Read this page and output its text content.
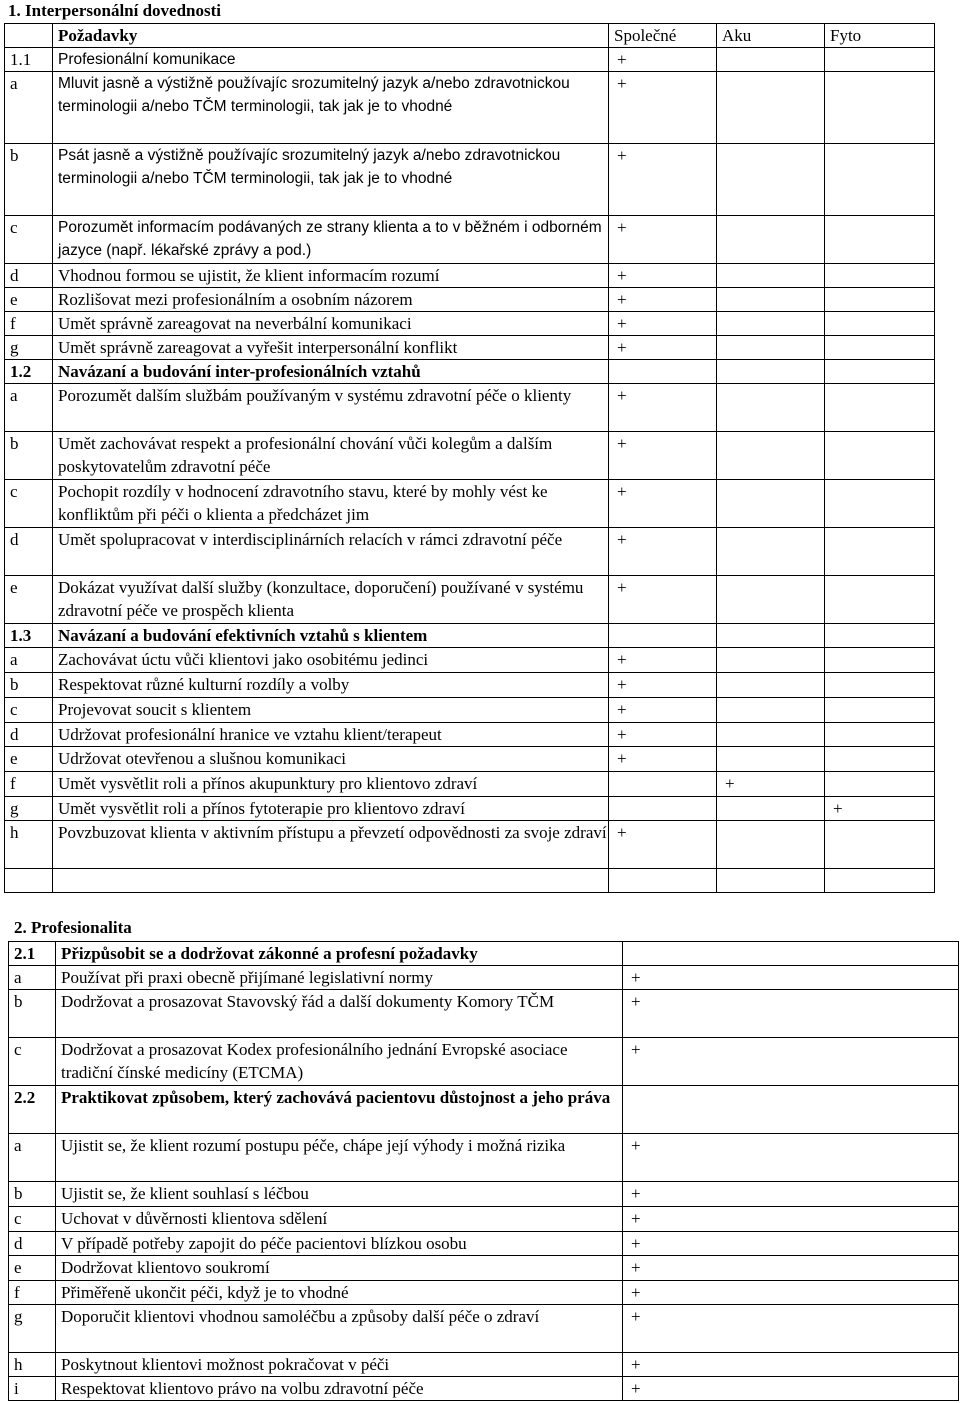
1. Interpersonální dovednosti
	Požadavky	Společné	Aku	Fyto
1.1	Profesionální komunikace	+		
a	Mluvit jasně a výstižně používajíc srozumitelný jazyk a/nebo zdravotnickou terminologii a/nebo TČM terminologii, tak jak je to vhodné	+		
b	Psát jasně a výstižně používajíc srozumitelný jazyk a/nebo zdravotnickou terminologii a/nebo TČM terminologii, tak jak je to vhodné	+		
c	Porozumět informacím podávaných ze strany klienta a to v běžném i odborném jazyce (např. lékařské zprávy a pod.)	+		
d	Vhodnou formou se ujistit, že klient informacím rozumí	+		
e	Rozlišovat mezi profesionálním a osobním názorem	+		
f	Umět správně zareagovat na neverbální komunikaci	+		
g	Umět správně zareagovat a vyřešit interpersonální konflikt	+		
1.2	Navázaní a budování inter-profesionálních vztahů			
a	Porozumět dalším službám používaným v systému zdravotní péče o klienty	+		
b	Umět zachovávat respekt a profesionální chování vůči kolegům a dalším poskytovatelům zdravotní péče	+		
c	Pochopit rozdíly v hodnocení zdravotního stavu, které by mohly vést ke konfliktům při péči o klienta a předcházet jim	+		
d	Umět spolupracovat v interdisciplinárních relacích v rámci zdravotní péče	+		
e	Dokázat využívat další služby (konzultace, doporučení) používané v systému zdravotní péče ve prospěch klienta	+		
1.3	Navázaní a budování efektivních vztahů s klientem			
a	Zachovávat úctu vůči klientovi jako osobitému jedinci	+		
b	Respektovat různé kulturní rozdíly a volby	+		
c	Projevovat soucit s klientem	+		
d	Udržovat profesionální hranice ve vztahu klient/terapeut	+		
e	Udržovat otevřenou a slušnou komunikaci	+		
f	Umět vysvětlit roli a přínos akupunktury pro klientovo zdraví		+	
g	Umět vysvětlit roli a přínos fytoterapie pro klientovo zdraví			+
h	Povzbuzovat klienta v aktivním přístupu a převzetí odpovědnosti za svoje zdraví	+		

2. Profesionalita
2.1	Přizpůsobit se a dodržovat zákonné a profesní požadavky	
a	Používat při praxi obecně přijímané legislativní normy	+
b	Dodržovat a prosazovat Stavovský řád a další dokumenty Komory TČM	+
c	Dodržovat a prosazovat Kodex profesionálního jednání Evropské asociace tradiční čínské medicíny (ETCMA)	+
2.2	Praktikovat způsobem, který zachovává pacientovu důstojnost a jeho práva	
a	Ujistit se, že klient rozumí postupu péče, chápe její výhody i možná rizika	+
b	Ujistit se, že klient souhlasí s léčbou	+
c	Uchovat v důvěrnosti klientova sdělení	+
d	V případě potřeby zapojit do péče pacientovi blízkou osobu	+
e	Dodržovat klientovo soukromí	+
f	Přiměřeně ukončit péči, když je to vhodné	+
g	Doporučit klientovi vhodnou samoléčbu a způsoby další péče o zdraví	+
h	Poskytnout klientovi možnost pokračovat v péči	+
i	Respektovat klientovo právo na volbu zdravotní péče	+
